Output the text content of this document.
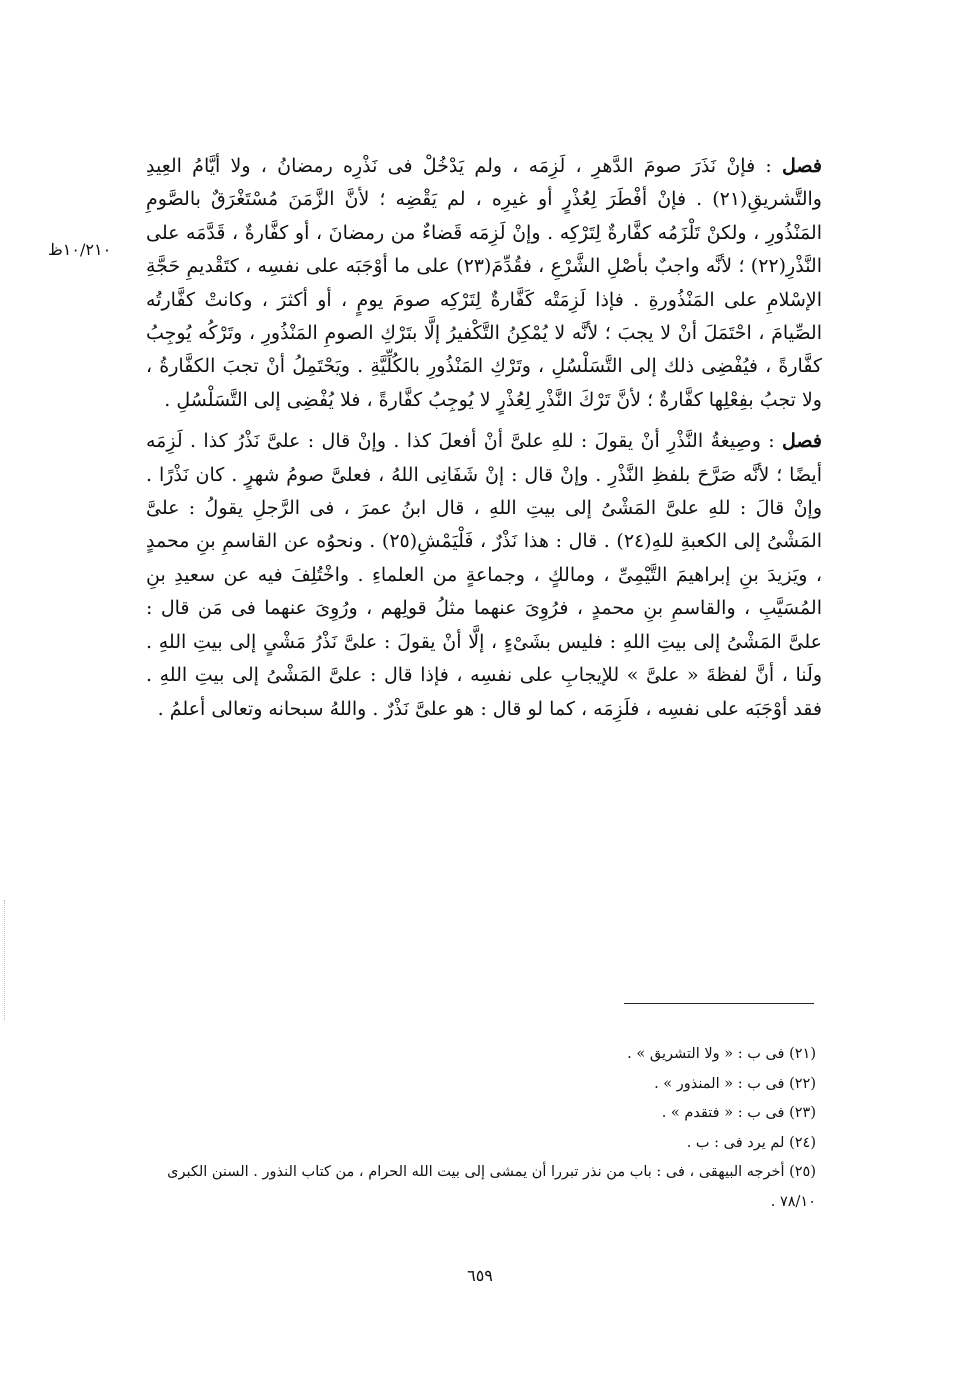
۱۰/۲۱۰ظ

فصل : فإنْ نَذَرَ صومَ الدَّهرِ ، لَزِمَه ، ولم يَدْخُلْ فى نَذْرِه رمضانُ ، ولا أيَّامُ العِيدِ والتَّشريقِ(۲۱) . فإنْ أفْطَرَ لِعُذْرٍ أو غيرِه ، لم يَقْضِه ؛ لأنَّ الزَّمَنَ مُسْتَغْرَقٌ بالصَّومِ المَنْذُورِ ، ولكنْ تَلْزَمُه كفَّارةٌ لِتَرْكِه . وإنْ لَزِمَه قَضاءٌ من رمضانَ ، أو كفَّارةٌ ، قَدَّمَه على النَّذْرِ(۲۲) ؛ لأنَّه واجبٌ بأصْلِ الشَّرْعِ ، فقُدِّمَ(۲۳) على ما أوْجَبَه على نفسِه ، كتَقْديمِ حَجَّةِ الإسْلامِ على المَنْذُورةِ . فإذا لَزِمَتْه كَفَّارةٌ لِتَرْكِه صومَ يومٍ ، أو أكثرَ ، وكانتْ كفَّارتُه الصِّيامَ ، احْتَمَلَ أنْ لا يجبَ ؛ لأنَّه لا يُمْكِنُ التَّكْفيرُ إلَّا بتَرْكِ الصومِ المَنْذُورِ ، وتَرْكُه يُوجِبُ كفَّارةً ، فيُفْضِى ذلك إلى التَّسَلْسُلِ ، وتَرْكِ المَنْذُورِ بالكُلِّيَّةِ . ويَحْتَمِلُ أنْ تجبَ الكفَّارةُ ، ولا تجبُ بفِعْلِها كفَّارةٌ ؛ لأنَّ تَرْكَ النَّذْرِ لِعُذْرٍ لا يُوجِبُ كفَّارةً ، فلا يُفْضِى إلى التَّسَلْسُلِ .

فصل : وصِيغةُ النَّذْرِ أنْ يقولَ : للهِ علىَّ أنْ أفعلَ كذا . وإنْ قال : علىَّ نَذْرُ كذا . لَزِمَه أيضًا ؛ لأنَّه صَرَّحَ بلفظِ النَّذْرِ . وإنْ قال : إنْ شَفَانِى اللهُ ، فعلىَّ صومُ شهرٍ . كان نَذْرًا . وإنْ قالَ : للهِ علىَّ المَشْىُ إلى بيتِ اللهِ ، قال ابنُ عمرَ ، فى الرَّجلِ يقولُ : علىَّ المَشْىُ إلى الكعبةِ للهِ(۲٤) . قال : هذا نَذْرٌ ، فَلْيَمْشِ(۲٥) . ونحوُه عن القاسمِ بنِ محمدٍ ، ويَزيدَ بنِ إبراهيمَ التَّيْمِىِّ ، ومالكٍ ، وجماعةٍ من العلماءِ . واخْتُلِفَ فيه عن سعيدِ بنِ المُسَيَّبِ ، والقاسمِ بنِ محمدٍ ، فرُوِىَ عنهما مثلُ قولِهم ، ورُوِىَ عنهما فى مَن قال : علىَّ المَشْىُ إلى بيتِ اللهِ : فليس بشَىْءٍ ، إلَّا أنْ يقولَ : علىَّ نَذْرُ مَشْىٍ إلى بيتِ اللهِ . ولَنا ، أنَّ لفظةَ « علىَّ » للإيجابِ على نفسِه ، فإذا قال : علىَّ المَشْىُ إلى بيتِ اللهِ . فقد أوْجَبَه على نفسِه ، فلَزِمَه ، كما لو قال : هو علىَّ نَذْرٌ . واللهُ سبحانه وتعالى أعلمُ .

(۲۱) فى ب : « ولا التشريق » .

(۲۲) فى ب : « المنذور » .

(۲۳) فى ب : « فتقدم » .

(۲٤) لم يرد فى : ب .

(۲٥) أخرجه البيهقى ، فى : باب من نذر تبررا أن يمشى إلى بيت الله الحرام ، من كتاب النذور . السنن الكبرى ۷۸/۱۰ .

٦٥٩
